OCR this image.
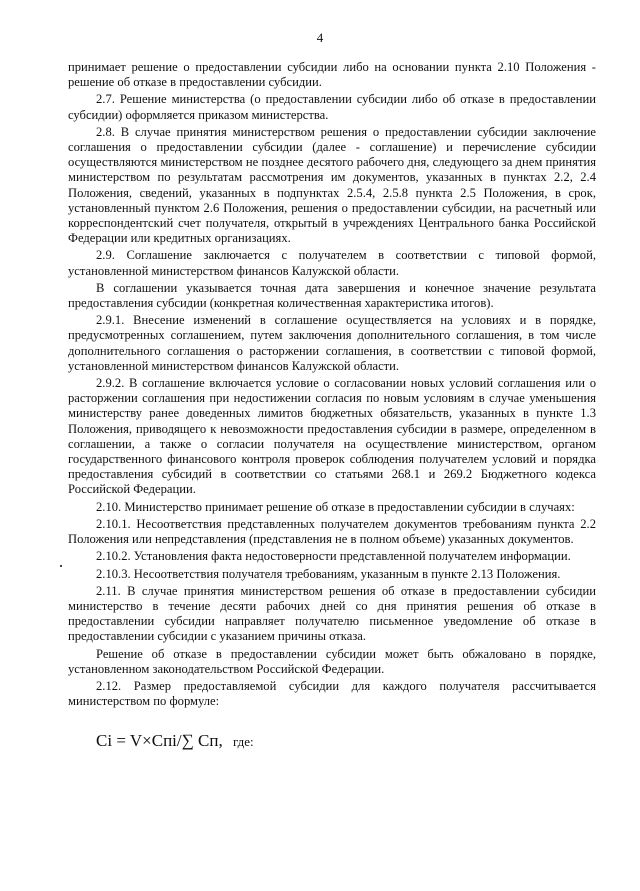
4

принимает решение о предоставлении субсидии либо на основании пункта 2.10 Положения - решение об отказе в предоставлении субсидии.

2.7. Решение министерства (о предоставлении субсидии либо об отказе в предоставлении субсидии) оформляется приказом министерства.

2.8. В случае принятия министерством решения о предоставлении субсидии заключение соглашения о предоставлении субсидии (далее - соглашение) и перечисление субсидии осуществляются министерством не позднее десятого рабочего дня, следующего за днем принятия министерством по результатам рассмотрения им документов, указанных в пунктах 2.2, 2.4 Положения, сведений, указанных в подпунктах 2.5.4, 2.5.8 пункта 2.5 Положения, в срок, установленный пунктом 2.6 Положения, решения о предоставлении субсидии, на расчетный или корреспондентский счет получателя, открытый в учреждениях Центрального банка Российской Федерации или кредитных организациях.

2.9. Соглашение заключается с получателем в соответствии с типовой формой, установленной министерством финансов Калужской области.

В соглашении указывается точная дата завершения и конечное значение результата предоставления субсидии (конкретная количественная характеристика итогов).

2.9.1. Внесение изменений в соглашение осуществляется на условиях и в порядке, предусмотренных соглашением, путем заключения дополнительного соглашения, в том числе дополнительного соглашения о расторжении соглашения, в соответствии с типовой формой, установленной министерством финансов Калужской области.

2.9.2. В соглашение включается условие о согласовании новых условий соглашения или о расторжении соглашения при недостижении согласия по новым условиям в случае уменьшения министерству ранее доведенных лимитов бюджетных обязательств, указанных в пункте 1.3 Положения, приводящего к невозможности предоставления субсидии в размере, определенном в соглашении, а также о согласии получателя на осуществление министерством, органом государственного финансового контроля проверок соблюдения получателем условий и порядка предоставления субсидий в соответствии со статьями 268.1 и 269.2 Бюджетного кодекса Российской Федерации.

2.10. Министерство принимает решение об отказе в предоставлении субсидии в случаях:

2.10.1. Несоответствия представленных получателем документов требованиям пункта 2.2 Положения или непредставления (представления не в полном объеме) указанных документов.

2.10.2. Установления факта недостоверности представленной получателем информации.

2.10.3. Несоответствия получателя требованиям, указанным в пункте 2.13 Положения.

2.11. В случае принятия министерством решения об отказе в предоставлении субсидии министерство в течение десяти рабочих дней со дня принятия решения об отказе в предоставлении субсидии направляет получателю письменное уведомление об отказе в предоставлении субсидии с указанием причины отказа.

Решение об отказе в предоставлении субсидии может быть обжаловано в порядке, установленном законодательством Российской Федерации.

2.12. Размер предоставляемой субсидии для каждого получателя рассчитывается министерством по формуле:

Ci = V×Cпi/∑ Cп, где:
